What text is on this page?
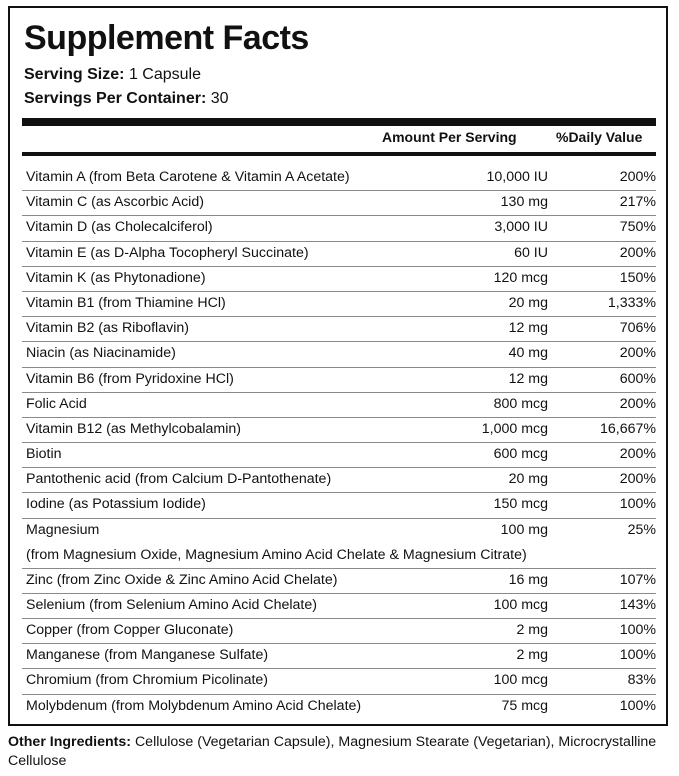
Supplement Facts
Serving Size: 1 Capsule
Servings Per Container: 30
Amount Per Serving	%Daily Value
Vitamin A (from Beta Carotene & Vitamin A Acetate)	10,000 IU	200%
Vitamin C (as Ascorbic Acid)	130 mg	217%
Vitamin D (as Cholecalciferol)	3,000 IU	750%
Vitamin E (as D-Alpha Tocopheryl Succinate)	60 IU	200%
Vitamin K (as Phytonadione)	120 mcg	150%
Vitamin B1 (from Thiamine HCl)	20 mg	1,333%
Vitamin B2 (as Riboflavin)	12 mg	706%
Niacin (as Niacinamide)	40 mg	200%
Vitamin B6 (from Pyridoxine HCl)	12 mg	600%
Folic Acid	800 mcg	200%
Vitamin B12 (as Methylcobalamin)	1,000 mcg	16,667%
Biotin	600 mcg	200%
Pantothenic acid (from Calcium D-Pantothenate)	20 mg	200%
Iodine (as Potassium Iodide)	150 mcg	100%
Magnesium	100 mg	25%
(from Magnesium Oxide, Magnesium Amino Acid Chelate & Magnesium Citrate)
Zinc (from Zinc Oxide & Zinc Amino Acid Chelate)	16 mg	107%
Selenium (from Selenium Amino Acid Chelate)	100 mcg	143%
Copper (from Copper Gluconate)	2 mg	100%
Manganese (from Manganese Sulfate)	2 mg	100%
Chromium (from Chromium Picolinate)	100 mcg	83%
Molybdenum (from Molybdenum Amino Acid Chelate)	75 mcg	100%
Other Ingredients: Cellulose (Vegetarian Capsule), Magnesium Stearate (Vegetarian), Microcrystalline Cellulose
